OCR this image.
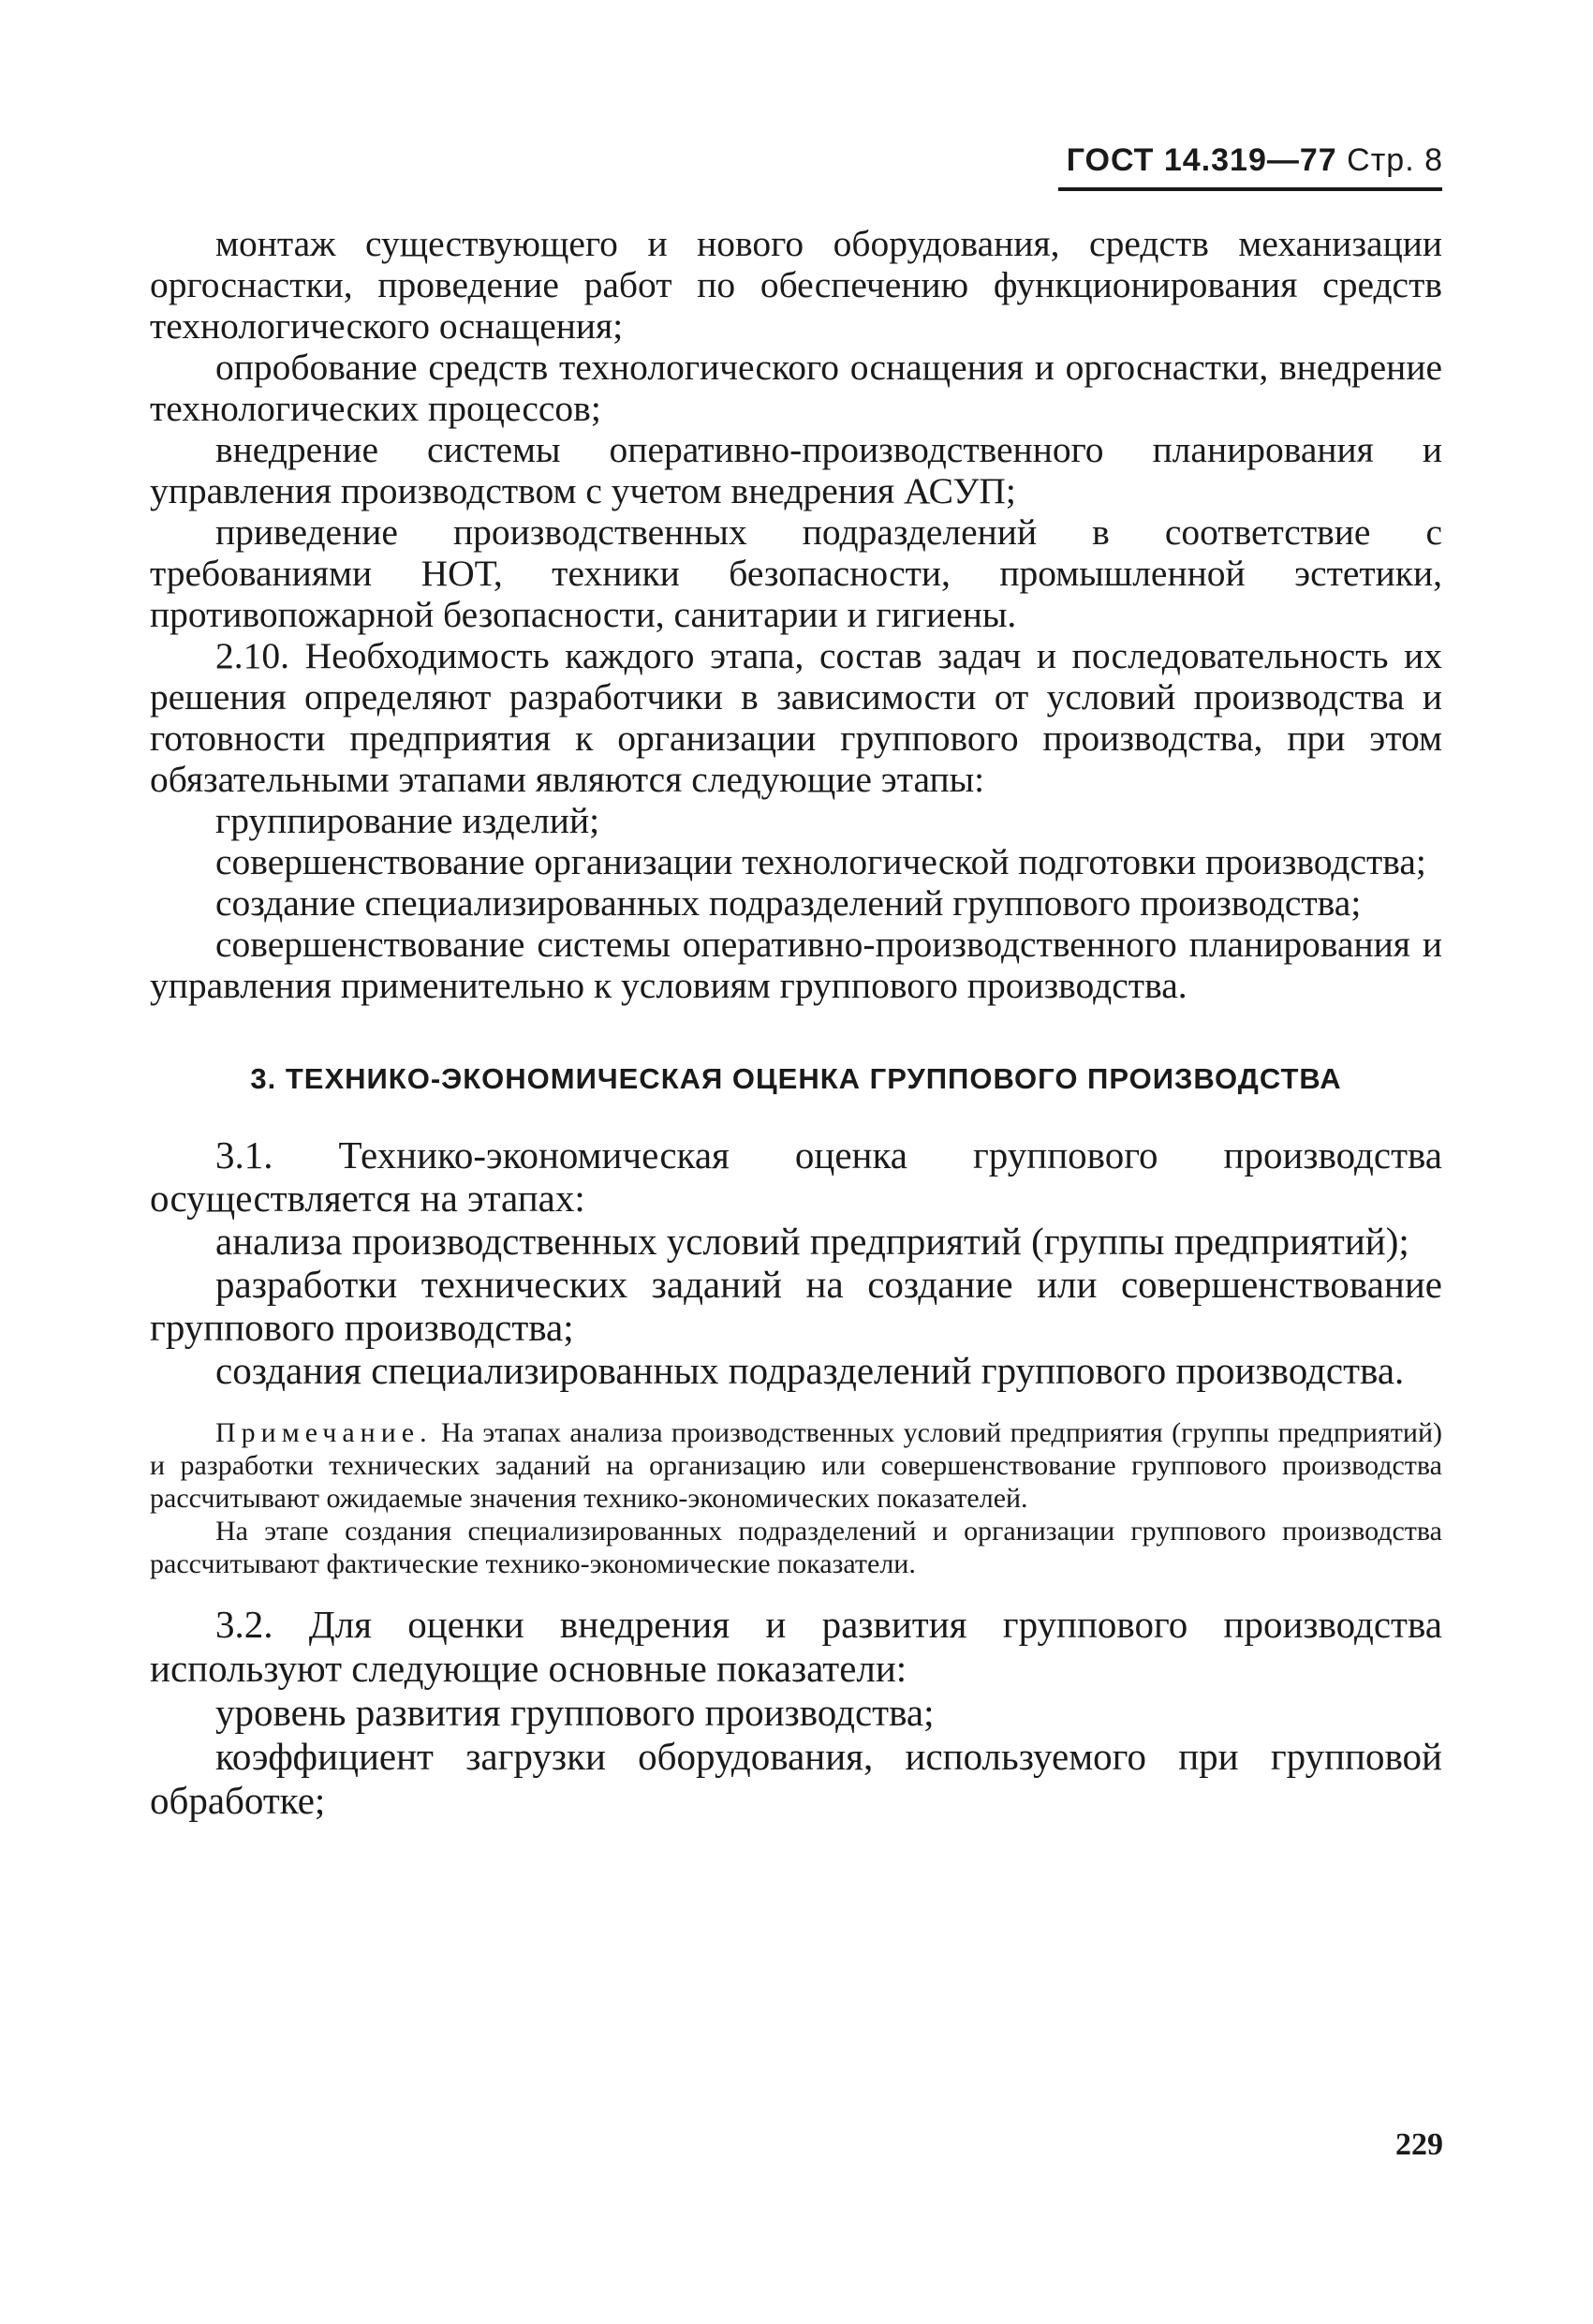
ГОСТ 14.319—77 Стр. 8

монтаж существующего и нового оборудования, средств механизации оргоснастки, проведение работ по обеспечению функционирования средств технологического оснащения;

опробование средств технологического оснащения и оргоснастки, внедрение технологических процессов;

внедрение системы оперативно-производственного планирования и управления производством с учетом внедрения АСУП;

приведение производственных подразделений в соответствие с требованиями НОТ, техники безопасности, промышленной эстетики, противопожарной безопасности, санитарии и гигиены.

2.10. Необходимость каждого этапа, состав задач и последовательность их решения определяют разработчики в зависимости от условий производства и готовности предприятия к организации группового производства, при этом обязательными этапами являются следующие этапы:

группирование изделий;

совершенствование организации технологической подготовки производства;

создание специализированных подразделений группового производства;

совершенствование системы оперативно-производственного планирования и управления применительно к условиям группового производства.

3. ТЕХНИКО-ЭКОНОМИЧЕСКАЯ ОЦЕНКА ГРУППОВОГО ПРОИЗВОДСТВА

3.1. Технико-экономическая оценка группового производства осуществляется на этапах:

анализа производственных условий предприятий (группы предприятий);

разработки технических заданий на создание или совершенствование группового производства;

создания специализированных подразделений группового производства.

Примечание. На этапах анализа производственных условий предприятия (группы предприятий) и разработки технических заданий на организацию или совершенствование группового производства рассчитывают ожидаемые значения технико-экономических показателей.

На этапе создания специализированных подразделений и организации группового производства рассчитывают фактические технико-экономические показатели.

3.2. Для оценки внедрения и развития группового производства используют следующие основные показатели:

уровень развития группового производства;

коэффициент загрузки оборудования, используемого при групповой обработке;

229
